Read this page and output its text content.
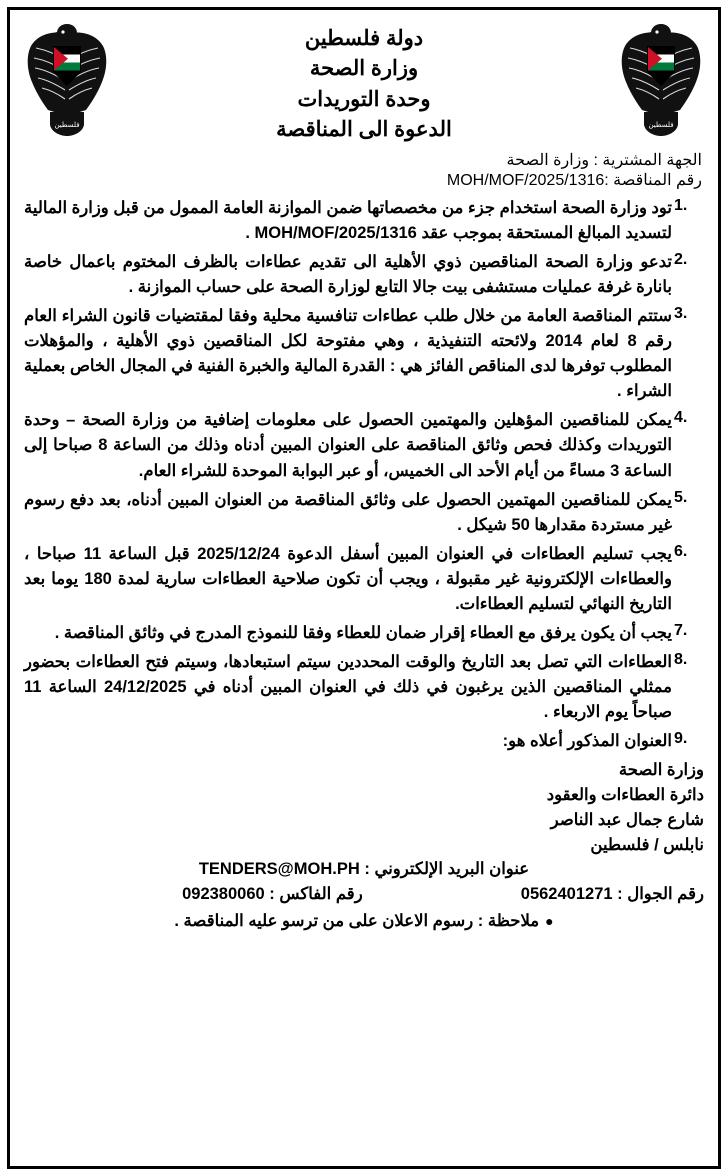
فلسطين
دولة فلسطين
وزارة الصحة
وحدة التوريدات
الدعوة الى المناقصة
فلسطين
الجهة المشترية : وزارة الصحة
رقم المناقصة :MOH/MOF/2025/1316
1.

تود وزارة الصحة استخدام جزء من مخصصاتها ضمن الموازنة العامة الممول من قبل وزارة المالية لتسديد المبالغ المستحقة بموجب عقد MOH/MOF/2025/1316 .

2.

تدعو وزارة الصحة المناقصين ذوي الأهلية الى تقديم عطاءات بالظرف المختوم باعمال خاصة بانارة غرفة عمليات مستشفى بيت جالا التابع لوزارة الصحة على حساب الموازنة .

3.

ستتم المناقصة العامة من خلال طلب عطاءات تنافسية محلية وفقا لمقتضيات قانون الشراء العام رقم 8 لعام 2014 ولائحته التنفيذية ، وهي مفتوحة لكل المناقصين ذوي الأهلية ، والمؤهلات المطلوب توفرها لدى المناقص الفائز هي : القدرة المالية والخبرة الفنية في المجال الخاص بعملية الشراء .

4.

يمكن للمناقصين المؤهلين والمهتمين الحصول على معلومات إضافية من وزارة الصحة – وحدة التوريدات وكذلك فحص وثائق المناقصة على العنوان المبين أدناه وذلك من الساعة 8 صباحا إلى الساعة 3 مساءً من أيام الأحد الى الخميس، أو عبر البوابة الموحدة للشراء العام.

5.

يمكن للمناقصين المهتمين الحصول على وثائق المناقصة من العنوان المبين أدناه، بعد دفع رسوم غير مستردة مقدارها 50 شيكل .

6.

يجب تسليم العطاءات في العنوان المبين أسفل الدعوة 2025/12/24 قبل الساعة 11 صباحا ، والعطاءات الإلكترونية غير مقبولة ، ويجب أن تكون صلاحية العطاءات سارية لمدة 180 يوما بعد التاريخ النهائي لتسليم العطاءات.

7.

يجب أن يكون يرفق مع العطاء إقرار ضمان للعطاء وفقا للنموذج المدرج في وثائق المناقصة .

8.

العطاءات التي تصل بعد التاريخ والوقت المحددين سيتم استبعادها، وسيتم فتح العطاءات بحضور ممثلي المناقصين الذين يرغبون في ذلك في العنوان المبين أدناه في 24/12/2025 الساعة 11 صباحاً يوم الاربعاء .

9.

العنوان المذكور أعلاه هو:

وزارة الصحة
دائرة العطاءات والعقود
شارع جمال عبد الناصر
نابلس / فلسطين
عنوان البريد الإلكتروني : TENDERS@MOH.PH
رقم الجوال : 0562401271
رقم الفاكس : 092380060
●
ملاحظة : رسوم الاعلان على من ترسو عليه المناقصة .
